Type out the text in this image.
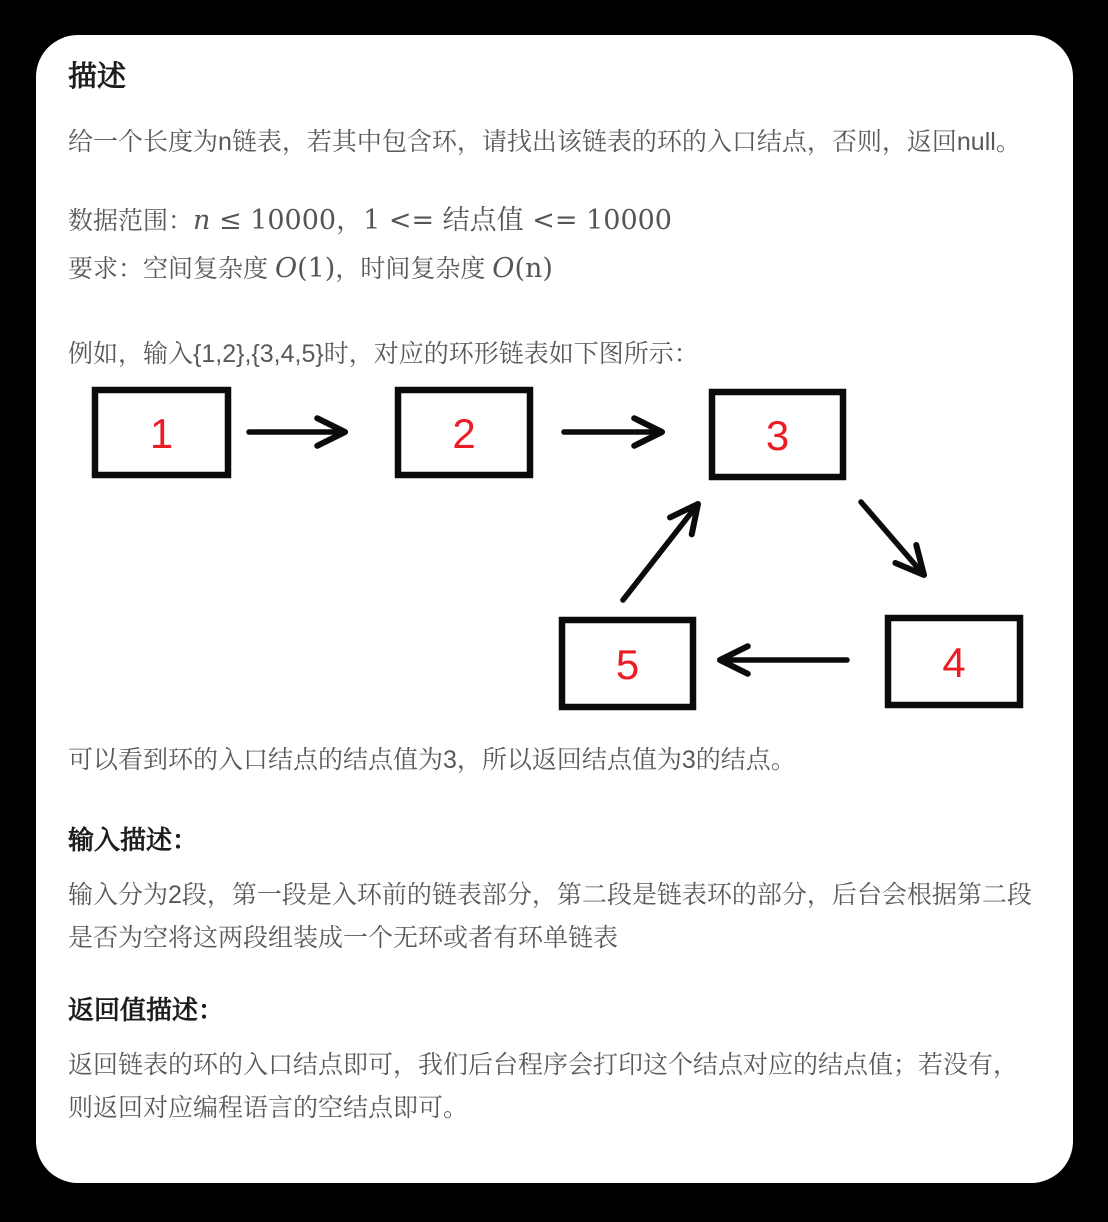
描述

给一个长度为n链表，若其中包含环，请找出该链表的环的入口结点，否则，返回null。

数据范围：n ≤ 10000，1 <= 结点值 <= 10000

要求：空间复杂度 O(1)，时间复杂度 O(n)

例如，输入{1,2},{3,4,5}时，对应的环形链表如下图所示：

1	2	3
4
5

可以看到环的入口结点的结点值为3，所以返回结点值为3的结点。

输入描述：

输入分为2段，第一段是入环前的链表部分，第二段是链表环的部分，后台会根据第二段是否为空将这两段组装成一个无环或者有环单链表

返回值描述：

返回链表的环的入口结点即可，我们后台程序会打印这个结点对应的结点值；若没有，则返回对应编程语言的空结点即可。
